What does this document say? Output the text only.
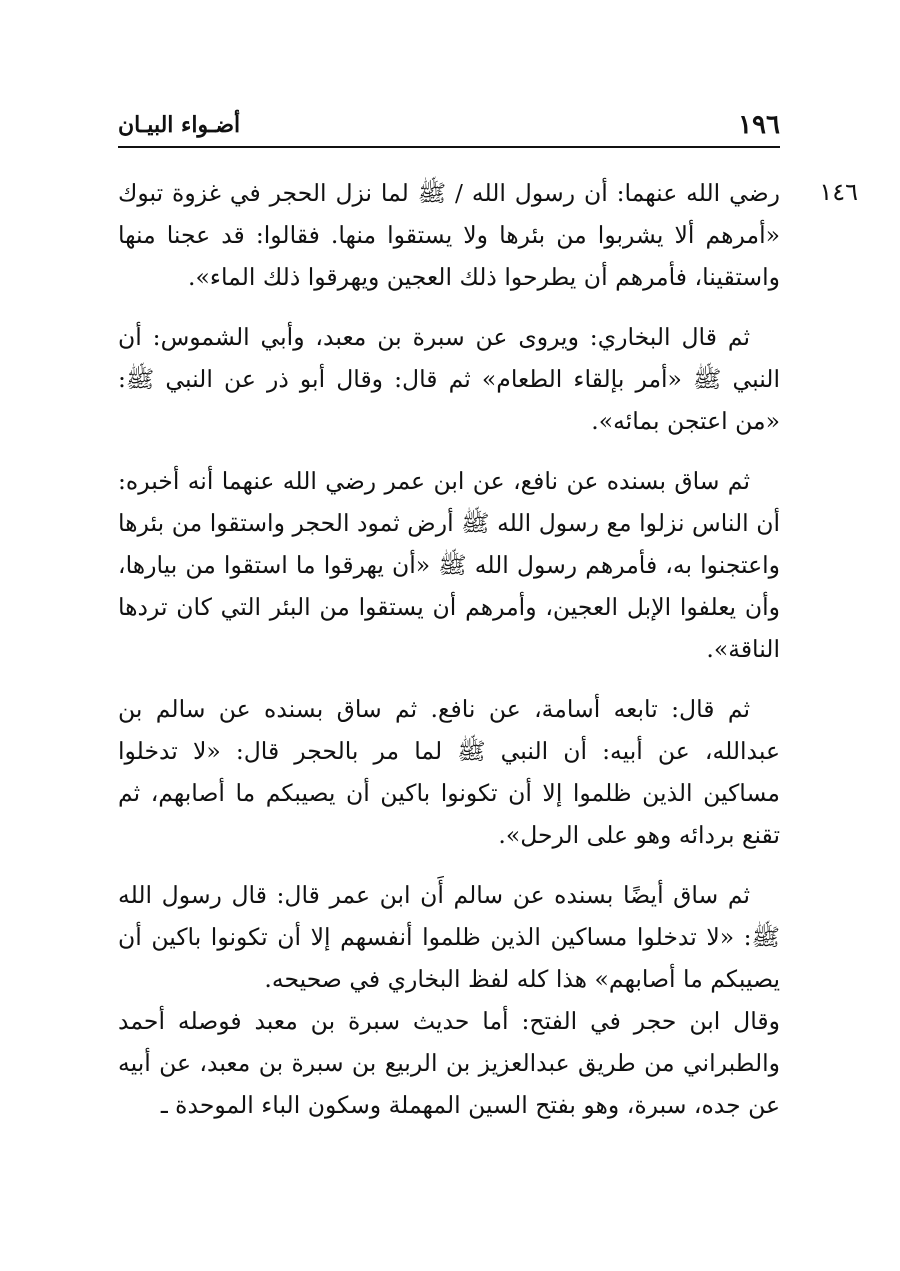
١٩٦
أضـواء البيـان
١٤٦

رضي الله عنهما: أن رسول الله / ﷺ لما نزل الحجر في غزوة تبوك «أمرهم ألا يشربوا من بئرها ولا يستقوا منها. فقالوا: قد عجنا منها واستقينا، فأمرهم أن يطرحوا ذلك العجين ويهرقوا ذلك الماء».

ثم قال البخاري: ويروى عن سبرة بن معبد، وأبي الشموس: أن النبي ﷺ «أمر بإلقاء الطعام» ثم قال: وقال أبو ذر عن النبي ﷺ: «من اعتجن بمائه».

ثم ساق بسنده عن نافع، عن ابن عمر رضي الله عنهما أنه أخبره: أن الناس نزلوا مع رسول الله ﷺ أرض ثمود الحجر واستقوا من بئرها واعتجنوا به، فأمرهم رسول الله ﷺ «أن يهرقوا ما استقوا من بيارها، وأن يعلفوا الإبل العجين، وأمرهم أن يستقوا من البئر التي كان تردها الناقة».

ثم قال: تابعه أسامة، عن نافع. ثم ساق بسنده عن سالم بن عبدالله، عن أبيه: أن النبي ﷺ لما مر بالحجر قال: «لا تدخلوا مساكين الذين ظلموا إلا أن تكونوا باكين أن يصيبكم ما أصابهم، ثم تقنع بردائه وهو على الرحل».

ثم ساق أيضًا بسنده عن سالم أَن ابن عمر قال: قال رسول الله ﷺ: «لا تدخلوا مساكين الذين ظلموا أنفسهم إلا أن تكونوا باكين أن يصيبكم ما أصابهم» هذا كله لفظ البخاري في صحيحه.

وقال ابن حجر في الفتح: أما حديث سبرة بن معبد فوصله أحمد والطبراني من طريق عبدالعزيز بن الربيع بن سبرة بن معبد، عن أبيه عن جده، سبرة، وهو بفتح السين المهملة وسكون الباء الموحدة ـ
